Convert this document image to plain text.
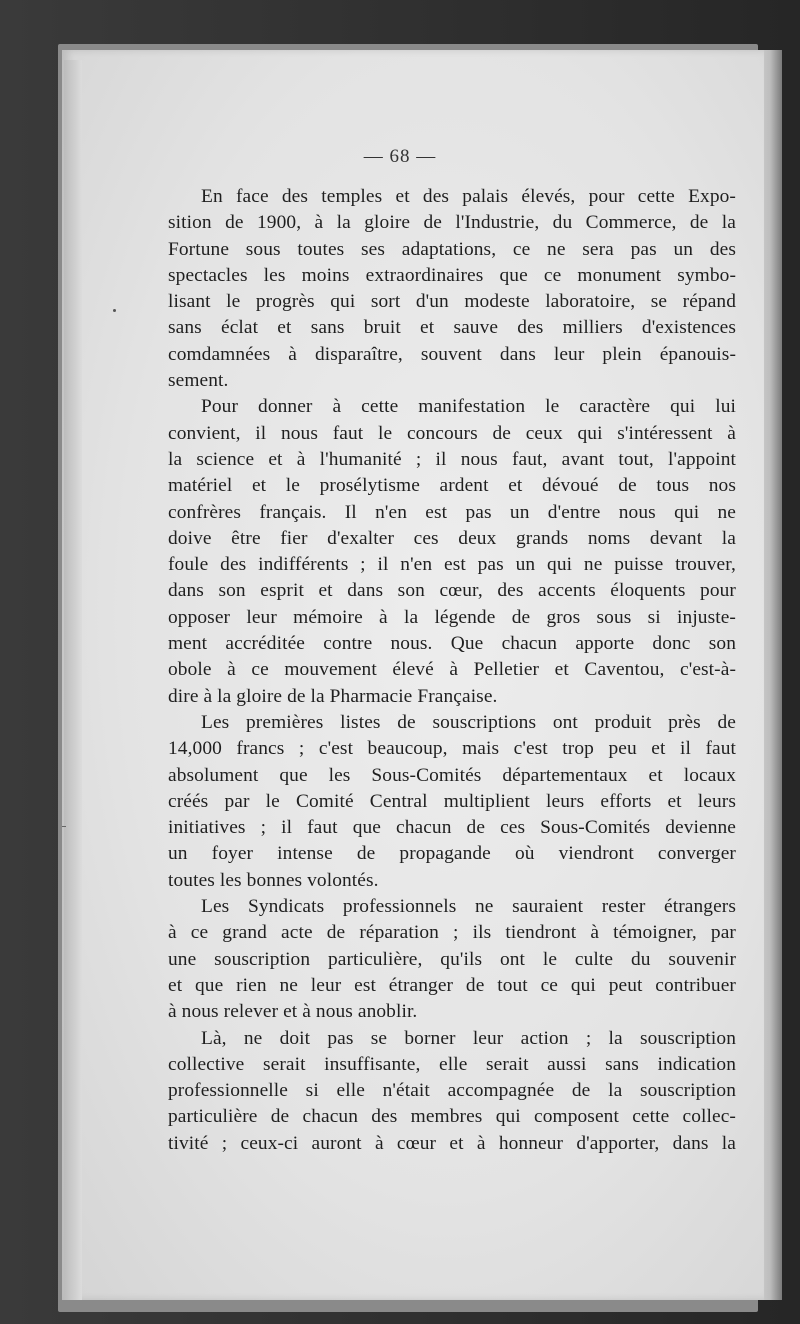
— 68 —

En face des temples et des palais élevés, pour cette Expo-
sition de 1900, à la gloire de l'Industrie, du Commerce, de la
Fortune sous toutes ses adaptations, ce ne sera pas un des
spectacles les moins extraordinaires que ce monument symbo-
lisant le progrès qui sort d'un modeste laboratoire, se répand
sans éclat et sans bruit et sauve des milliers d'existences
comdamnées à disparaître, souvent dans leur plein épanouis-
sement.

Pour donner à cette manifestation le caractère qui lui
convient, il nous faut le concours de ceux qui s'intéressent à
la science et à l'humanité ; il nous faut, avant tout, l'appoint
matériel et le prosélytisme ardent et dévoué de tous nos
confrères français. Il n'en est pas un d'entre nous qui ne
doive être fier d'exalter ces deux grands noms devant la
foule des indifférents ; il n'en est pas un qui ne puisse trouver,
dans son esprit et dans son cœur, des accents éloquents pour
opposer leur mémoire à la légende de gros sous si injuste-
ment accréditée contre nous. Que chacun apporte donc son
obole à ce mouvement élevé à Pelletier et Caventou, c'est-à-
dire à la gloire de la Pharmacie Française.

Les premières listes de souscriptions ont produit près de
14,000 francs ; c'est beaucoup, mais c'est trop peu et il faut
absolument que les Sous-Comités départementaux et locaux
créés par le Comité Central multiplient leurs efforts et leurs
initiatives ; il faut que chacun de ces Sous-Comités devienne
un foyer intense de propagande où viendront converger
toutes les bonnes volontés.

Les Syndicats professionnels ne sauraient rester étrangers
à ce grand acte de réparation ; ils tiendront à témoigner, par
une souscription particulière, qu'ils ont le culte du souvenir
et que rien ne leur est étranger de tout ce qui peut contribuer
à nous relever et à nous anoblir.

Là, ne doit pas se borner leur action ; la souscription
collective serait insuffisante, elle serait aussi sans indication
professionnelle si elle n'était accompagnée de la souscription
particulière de chacun des membres qui composent cette collec-
tivité ; ceux-ci auront à cœur et à honneur d'apporter, dans la
